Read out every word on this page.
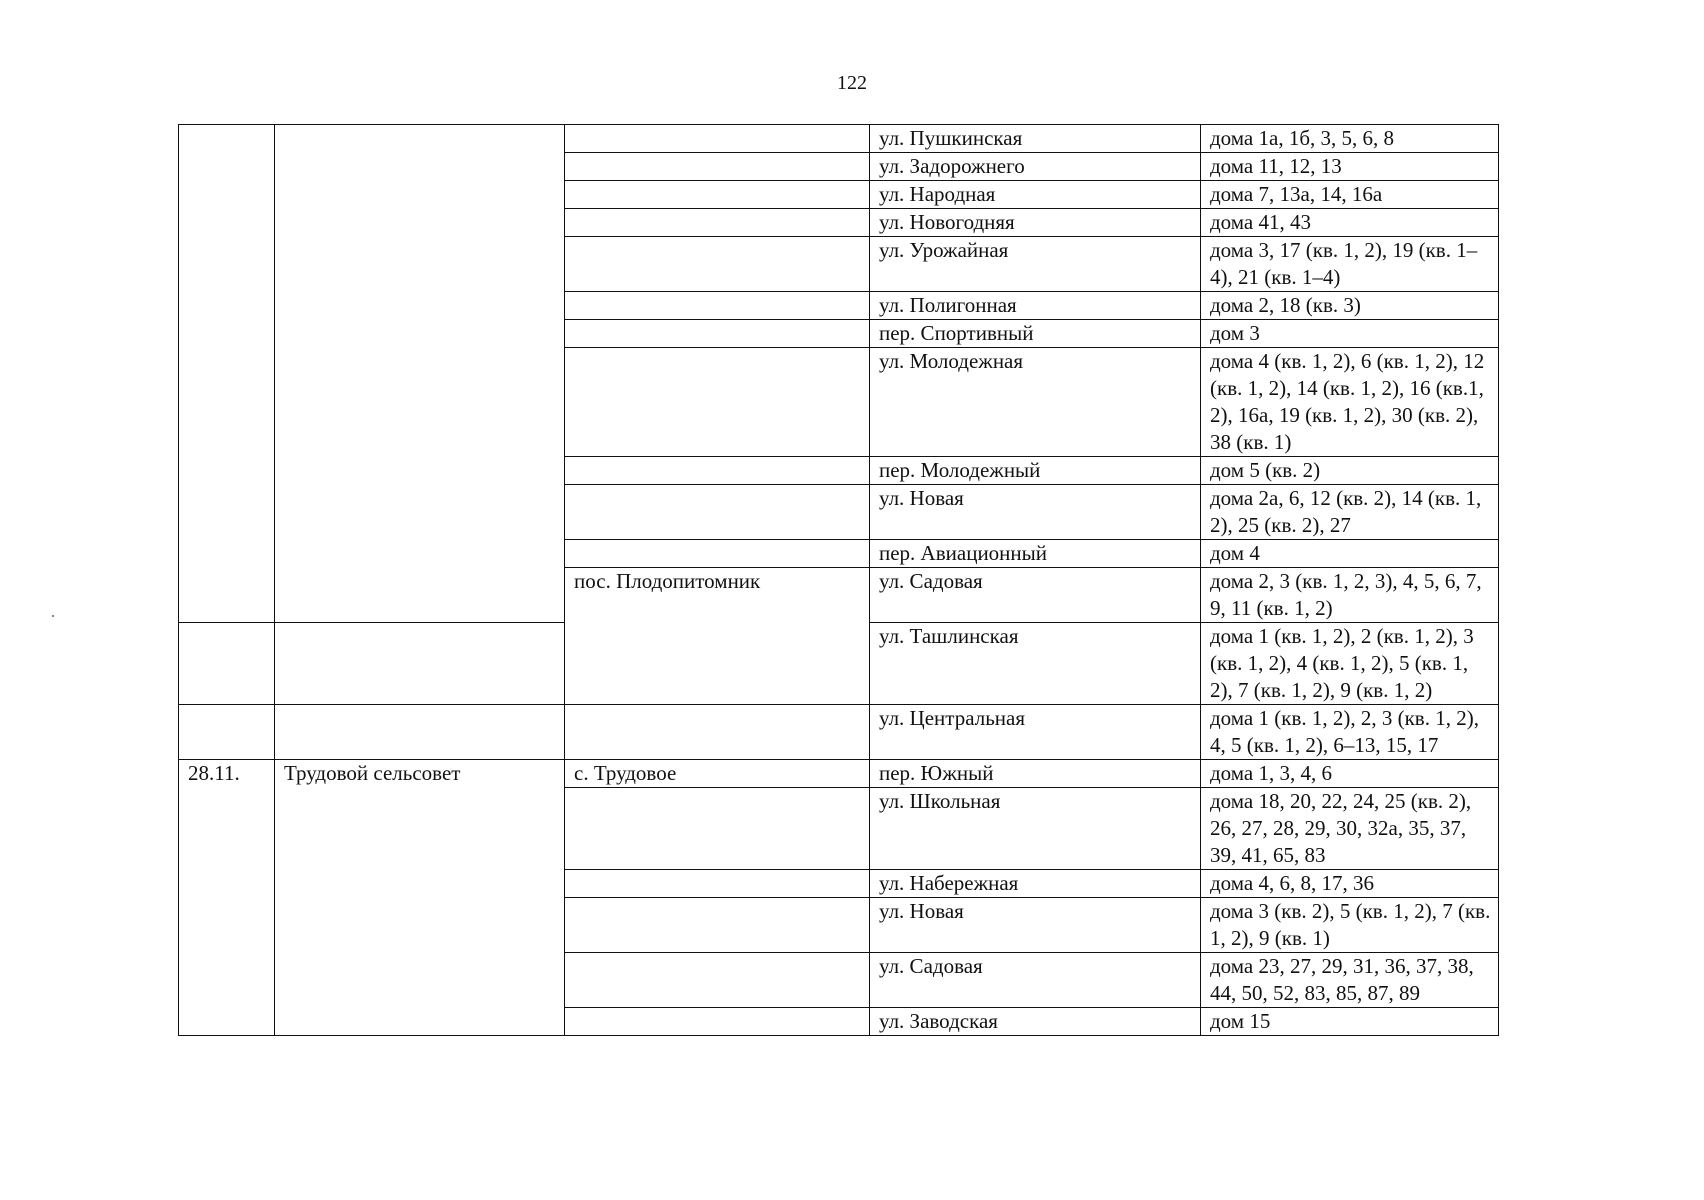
122
			ул. Пушкинская	дома 1а, 1б, 3, 5, 6, 8
			ул. Задорожнего	дома 11, 12, 13
			ул. Народная	дома 7, 13а, 14, 16а
			ул. Новогодняя	дома 41, 43
			ул. Урожайная	дома 3, 17 (кв. 1, 2), 19 (кв. 1–4), 21 (кв. 1–4)
			ул. Полигонная	дома 2, 18 (кв. 3)
			пер. Спортивный	дом 3
			ул. Молодежная	дома 4 (кв. 1, 2), 6 (кв. 1, 2), 12 (кв. 1, 2), 14 (кв. 1, 2), 16 (кв.1, 2), 16а, 19 (кв. 1, 2), 30 (кв. 2), 38 (кв. 1)
			пер. Молодежный	дом 5 (кв. 2)
			ул. Новая	дома 2а, 6, 12 (кв. 2), 14 (кв. 1, 2), 25 (кв. 2), 27
			пер. Авиационный	дом 4
		пос. Плодопитомник	ул. Садовая	дома 2, 3 (кв. 1, 2, 3), 4, 5, 6, 7, 9, 11 (кв. 1, 2)
			ул. Ташлинская	дома 1 (кв. 1, 2), 2 (кв. 1, 2), 3 (кв. 1, 2), 4 (кв. 1, 2), 5 (кв. 1, 2), 7 (кв. 1, 2), 9 (кв. 1, 2)
			ул. Центральная	дома 1 (кв. 1, 2), 2, 3 (кв. 1, 2), 4, 5 (кв. 1, 2), 6–13, 15, 17
28.11.	Трудовой сельсовет	с. Трудовое	пер. Южный	дома 1, 3, 4, 6
			ул. Школьная	дома 18, 20, 22, 24, 25 (кв. 2), 26, 27, 28, 29, 30, 32а, 35, 37, 39, 41, 65, 83
			ул. Набережная	дома 4, 6, 8, 17, 36
			ул. Новая	дома 3 (кв. 2), 5 (кв. 1, 2), 7 (кв. 1, 2), 9 (кв. 1)
			ул. Садовая	дома 23, 27, 29, 31, 36, 37, 38, 44, 50, 52, 83, 85, 87, 89
			ул. Заводская	дом 15
